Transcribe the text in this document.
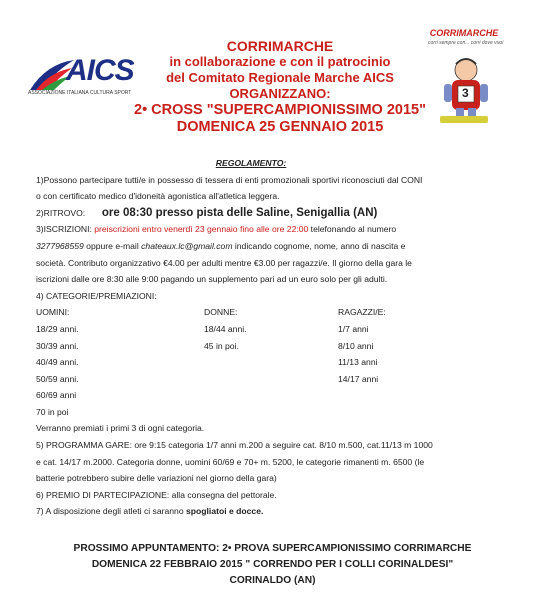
AICS
ASSOCIAZIONE ITALIANA CULTURA SPORT
CORRIMARCHE
in collaborazione e con il patrocinio
del Comitato Regionale Marche AICS
ORGANIZZANO:
2• CROSS "SUPERCAMPIONISSIMO 2015"
DOMENICA 25 GENNAIO 2015
CORRIMARCHE
corri sempre con... corri dove vuoi
3
REGOLAMENTO:
1)Possono partecipare tutti/e in possesso di tessera di enti promozionali sportivi riconosciuti dal CONI
o con certificato medico d'idoneità agonistica all'atletica leggera.
2)RITROVO: ore 08:30 presso pista delle Saline, Senigallia (AN)
3)ISCRIZIONI: preiscrizioni entro venerdì 23 gennaio fino alle ore 22:00 telefonando al numero
3277968559 oppure e-mail chateaux.lc@gmail.com indicando cognome, nome, anno di nascita e
società. Contributo organizzativo €4.00 per adulti mentre €3.00 per ragazzi/e. Il giorno della gara le
iscrizioni dalle ore 8:30 alle 9:00 pagando un supplemento pari ad un euro solo per gli adulti.
4) CATEGORIE/PREMIAZIONI:
UOMINI:
18/29 anni.
30/39 anni.
40/49 anni.
50/59 anni.
60/69 anni
70 in poi
DONNE:
18/44 anni.
45 in poi.
RAGAZZI/E:
1/7 anni
8/10 anni
11/13 anni
14/17 anni
Verranno premiati i primi 3 di ogni categoria.
5) PROGRAMMA GARE: ore 9:15 categoria 1/7 anni m.200 a seguire cat. 8/10 m.500, cat.11/13 m 1000
e cat. 14/17 m.2000. Categoria donne, uomini 60/69 e 70+ m. 5200, le categorie rimanenti m. 6500 (le
batterie potrebbero subire delle variazioni nel giorno della gara)
6) PREMIO DI PARTECIPAZIONE: alla consegna del pettorale.
7) A disposizione degli atleti ci saranno spogliatoi e docce.
PROSSIMO APPUNTAMENTO: 2• PROVA SUPERCAMPIONISSIMO CORRIMARCHE
DOMENICA 22 FEBBRAIO 2015 " CORRENDO PER I COLLI CORINALDESI"
CORINALDO (AN)
